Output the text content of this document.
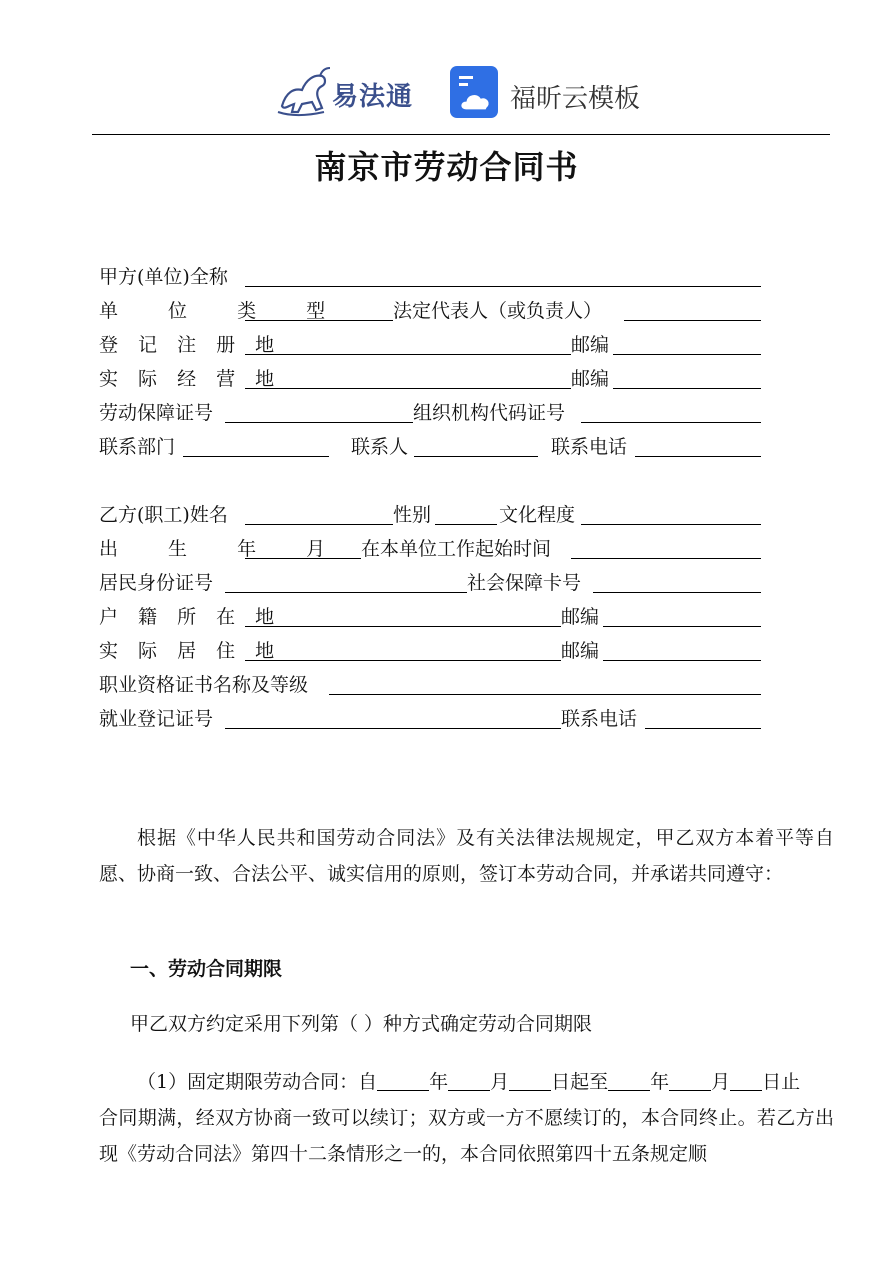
易法通	福昕云模板
南京市劳动合同书
甲方(单位)全称
单 位 类 型 法定代表人（或负责人）
登 记 注 册 地	邮编
实 际 经 营 地	邮编
劳动保障证号	组织机构代码证号
联系部门	联系人	联系电话
乙方(职工)姓名	性别	文化程度
出 生 年 月 在本单位工作起始时间
居民身份证号	社会保障卡号
户 籍 所 在 地	邮编
实 际 居 住 地	邮编
职业资格证书名称及等级
就业登记证号	联系电话
根据《中华人民共和国劳动合同法》及有关法律法规规定，甲乙双方本着平等自愿、协商一致、合法公平、诚实信用的原则，签订本劳动合同，并承诺共同遵守：
一、劳动合同期限
甲乙双方约定采用下列第（ ）种方式确定劳动合同期限
（1）固定期限劳动合同：自	年 月 日起至 年 月 日止
合同期满，经双方协商一致可以续订；双方或一方不愿续订的，本合同终止。若乙方出现《劳动合同法》第四十二条情形之一的，本合同依照第四十五条规定顺
